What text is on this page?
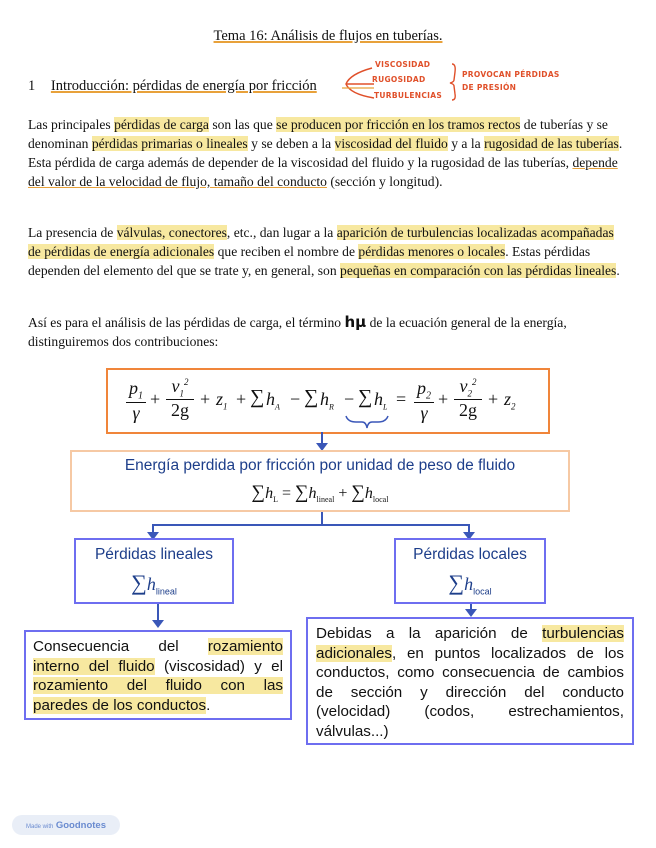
Tema 16: Análisis de flujos en tuberías.
1 Introducción: pérdidas de energía por fricción
VISCOSIDAD
RUGOSIDAD
TURBULENCIAS
PROVOCAN PÉRDIDAS
DE PRESIÓN
Las principales pérdidas de carga son las que se producen por fricción en los tramos rectos de tuberías y se denominan pérdidas primarias o lineales y se deben a la viscosidad del fluido y a la rugosidad de las tuberías.
Esta pérdida de carga además de depender de la viscosidad del fluido y la rugosidad de las tuberías, depende del valor de la velocidad de flujo, tamaño del conducto (sección y longitud).
La presencia de válvulas, conectores, etc., dan lugar a la aparición de turbulencias localizadas acompañadas de pérdidas de energía adicionales que reciben el nombre de pérdidas menores o locales. Estas pérdidas dependen del elemento del que se trate y, en general, son pequeñas en comparación con las pérdidas lineales.
Así es para el análisis de las pérdidas de carga, el término hμ de la ecuación general de la energía, distinguiremos dos contribuciones:
$p_1$
γ
+
$v_1^2$
2g
+ $z_1$ + ∑ $h_A$ − ∑ $h_R$ − ∑ $h_L$ =
$p_2$
γ
+
$v_2^2$
2g
+ $z_2$
Energía perdida por fricción por unidad de peso de fluido
$\sum h_L = \sum h_{lineal} + \sum h_{local}$
Pérdidas lineales
$\sum h_{lineal}$
Pérdidas locales
$\sum h_{local}$
Consecuencia del rozamiento interno del fluido (viscosidad) y el rozamiento del fluido con las paredes de los conductos.
Debidas a la aparición de turbulencias adicionales, en puntos localizados de los conductos, como consecuencia de cambios de sección y dirección del conducto (velocidad) (codos, estrechamientos, válvulas...)
Made with Goodnotes
